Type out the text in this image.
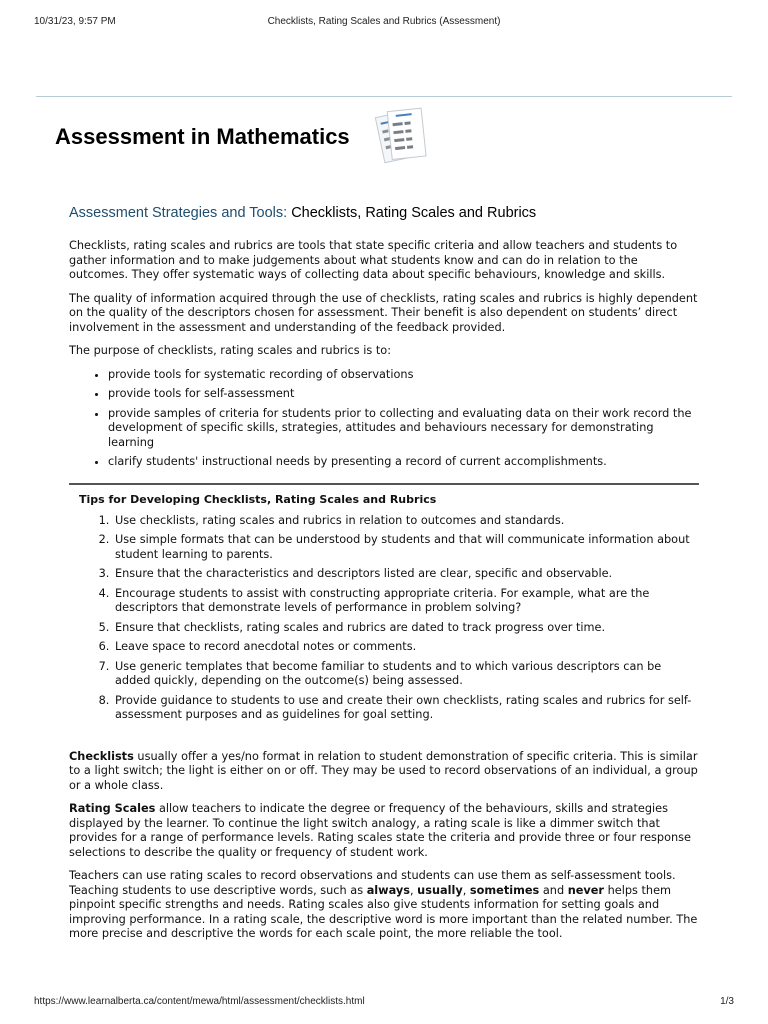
10/31/23, 9:57 PM	Checklists, Rating Scales and Rubrics (Assessment)
Assessment in Mathematics
Assessment Strategies and Tools: Checklists, Rating Scales and Rubrics

Checklists, rating scales and rubrics are tools that state specific criteria and allow teachers and students to gather information and to make judgements about what students know and can do in relation to the outcomes. They offer systematic ways of collecting data about specific behaviours, knowledge and skills.

The quality of information acquired through the use of checklists, rating scales and rubrics is highly dependent on the quality of the descriptors chosen for assessment. Their benefit is also dependent on students’ direct involvement in the assessment and understanding of the feedback provided.

The purpose of checklists, rating scales and rubrics is to:

• provide tools for systematic recording of observations
• provide tools for self-assessment
• provide samples of criteria for students prior to collecting and evaluating data on their work record the development of specific skills, strategies, attitudes and behaviours necessary for demonstrating learning
• clarify students' instructional needs by presenting a record of current accomplishments.
Tips for Developing Checklists, Rating Scales and Rubrics
1. Use checklists, rating scales and rubrics in relation to outcomes and standards.
2. Use simple formats that can be understood by students and that will communicate information about student learning to parents.
3. Ensure that the characteristics and descriptors listed are clear, specific and observable.
4. Encourage students to assist with constructing appropriate criteria. For example, what are the descriptors that demonstrate levels of performance in problem solving?
5. Ensure that checklists, rating scales and rubrics are dated to track progress over time.
6. Leave space to record anecdotal notes or comments.
7. Use generic templates that become familiar to students and to which various descriptors can be added quickly, depending on the outcome(s) being assessed.
8. Provide guidance to students to use and create their own checklists, rating scales and rubrics for self-assessment purposes and as guidelines for goal setting.

Checklists usually offer a yes/no format in relation to student demonstration of specific criteria. This is similar to a light switch; the light is either on or off. They may be used to record observations of an individual, a group or a whole class.

Rating Scales allow teachers to indicate the degree or frequency of the behaviours, skills and strategies displayed by the learner. To continue the light switch analogy, a rating scale is like a dimmer switch that provides for a range of performance levels. Rating scales state the criteria and provide three or four response selections to describe the quality or frequency of student work.

Teachers can use rating scales to record observations and students can use them as self-assessment tools. Teaching students to use descriptive words, such as always, usually, sometimes and never helps them pinpoint specific strengths and needs. Rating scales also give students information for setting goals and improving performance. In a rating scale, the descriptive word is more important than the related number. The more precise and descriptive the words for each scale point, the more reliable the tool.

https://www.learnalberta.ca/content/mewa/html/assessment/checklists.html	1/3
